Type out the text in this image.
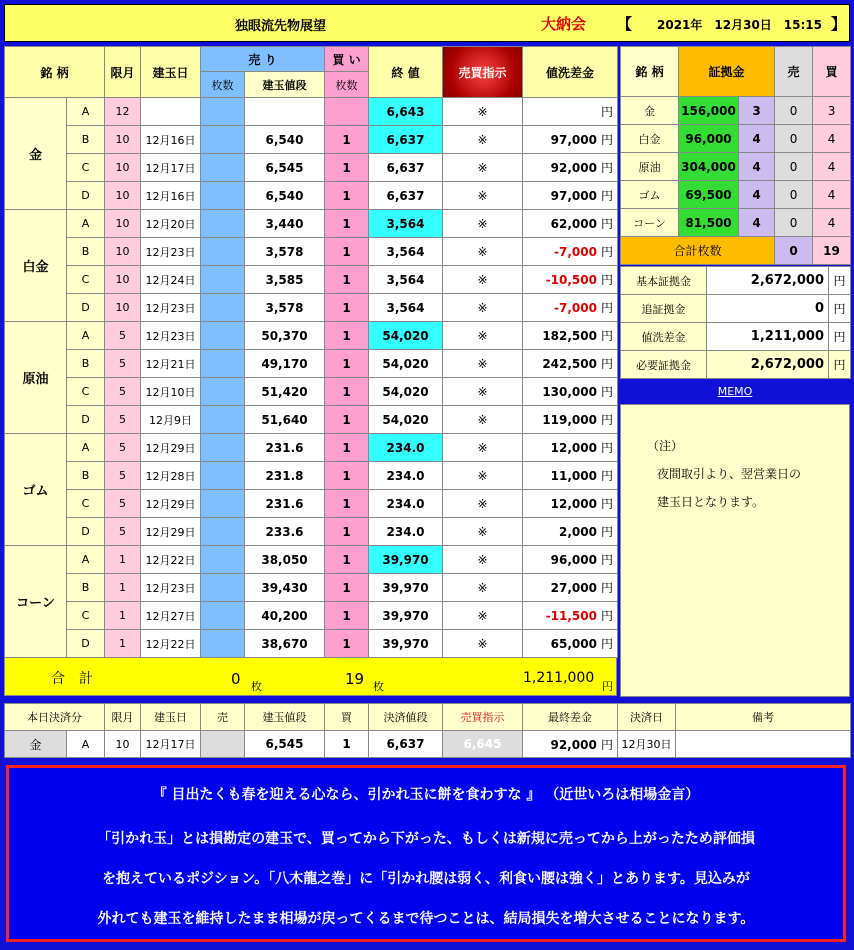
独眼流先物展望	大納会 【 2021年　12月30日　15:15 】
銘 柄		限月	建玉日	売 り		買 い	終 値	売買指示	値洗差金
				枚数	建玉値段	枚数			
金	A	12					6,643	※	円
	B	10	12月16日		6,540	1	6,637	※	97,000 円
	C	10	12月17日		6,545	1	6,637	※	92,000 円
	D	10	12月16日		6,540	1	6,637	※	97,000 円
白金	A	10	12月20日		3,440	1	3,564	※	62,000 円
	B	10	12月23日		3,578	1	3,564	※	-7,000 円
	C	10	12月24日		3,585	1	3,564	※	-10,500 円
	D	10	12月23日		3,578	1	3,564	※	-7,000 円
原油	A	5	12月23日		50,370	1	54,020	※	182,500 円
	B	5	12月21日		49,170	1	54,020	※	242,500 円
	C	5	12月10日		51,420	1	54,020	※	130,000 円
	D	5	12月9日		51,640	1	54,020	※	119,000 円
ゴム	A	5	12月29日		231.6	1	234.0	※	12,000 円
	B	5	12月28日		231.8	1	234.0	※	11,000 円
	C	5	12月29日		231.6	1	234.0	※	12,000 円
	D	5	12月29日		233.6	1	234.0	※	2,000 円
コーン	A	1	12月22日		38,050	1	39,970	※	96,000 円
	B	1	12月23日		39,430	1	39,970	※	27,000 円
	C	1	12月27日		40,200	1	39,970	※	-11,500 円
	D	1	12月22日		38,670	1	39,970	※	65,000 円
合　計	0 枚	19 枚
1,211,000
円
銘 柄	証拠金		売	買
金	156,000	3	0	3
白金	96,000	4	0	4
原油	304,000	4	0	4
ゴム	69,500	4	0	4
コーン	81,500	4	0	4
合計枚数			0	19
基本証拠金	2,672,000	円
追証拠金	0	円
値洗差金	1,211,000	円
必要証拠金	2,672,000	円
MEMO
（注）
夜間取引より、翌営業日の
建玉日となります。
本日決済分		限月	建玉日	売	建玉値段	買	決済値段	売買指示	最終差金	決済日	備考
金	A	10	12月17日		6,545	1	6,637	6,645	92,000 円	12月30日	
『 目出たくも春を迎える心なら、引かれ玉に餅を食わすな 』 （近世いろは相場金言）
「引かれ玉」とは損勘定の建玉で、買ってから下がった、もしくは新規に売ってから上がったため評価損
を抱えているポジション。「八木龍之巻」に「引かれ腰は弱く、利食い腰は強く」とあります。見込みが
外れても建玉を維持したまま相場が戻ってくるまで待つことは、結局損失を増大させることになります。
